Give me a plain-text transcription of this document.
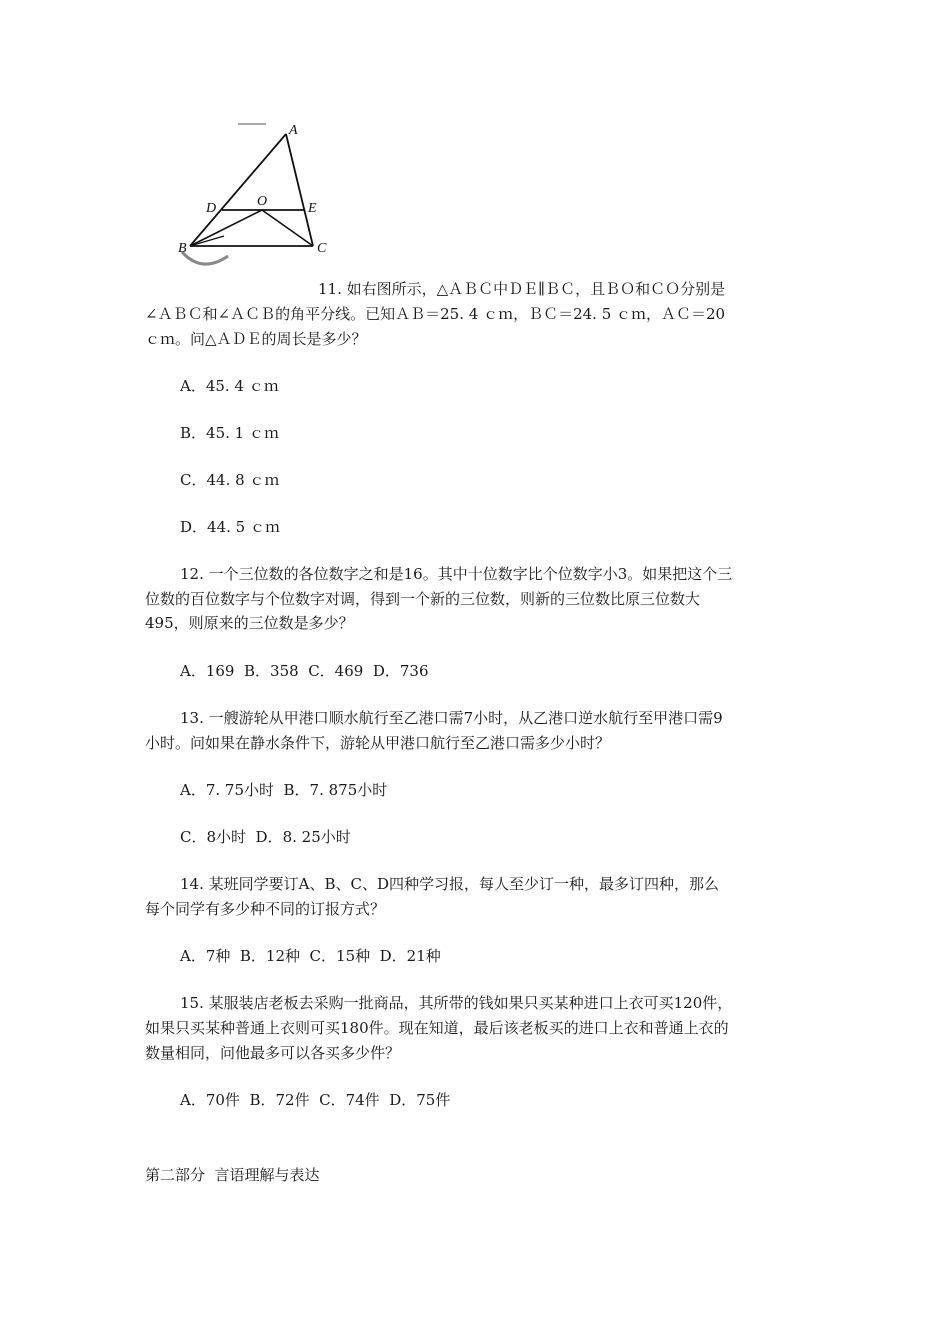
A
D	O	E
B	C
11. 如右图所示，△ＡＢＣ中ＤＥ∥ＢＣ，且ＢＯ和ＣＯ分别是
∠ＡＢＣ和∠ＡＣＢ的角平分线。已知ＡＢ＝25. 4 ｃｍ，ＢＣ＝24. 5 ｃｍ，ＡＣ＝20
ｃｍ。问△ＡＤＥ的周长是多少？
A．45. 4 ｃｍ
B．45. 1 ｃｍ
C．44. 8 ｃｍ
D．44. 5 ｃｍ
12. 一个三位数的各位数字之和是16。其中十位数字比个位数字小3。如果把这个三
位数的百位数字与个位数字对调，得到一个新的三位数，则新的三位数比原三位数大
495，则原来的三位数是多少？
A．169  B．358  C．469  D．736
13. 一艘游轮从甲港口顺水航行至乙港口需7小时，从乙港口逆水航行至甲港口需9
小时。问如果在静水条件下，游轮从甲港口航行至乙港口需多少小时？
A．7. 75小时  B．7. 875小时
C．8小时  D．8. 25小时
14. 某班同学要订A、B、C、D四种学习报，每人至少订一种，最多订四种，那么
每个同学有多少种不同的订报方式？
A．7种  B．12种  C．15种  D．21种
15. 某服装店老板去采购一批商品，其所带的钱如果只买某种进口上衣可买120件，
如果只买某种普通上衣则可买180件。现在知道，最后该老板买的进口上衣和普通上衣的
数量相同，问他最多可以各买多少件？
A．70件  B．72件  C．74件  D．75件
第二部分  言语理解与表达
